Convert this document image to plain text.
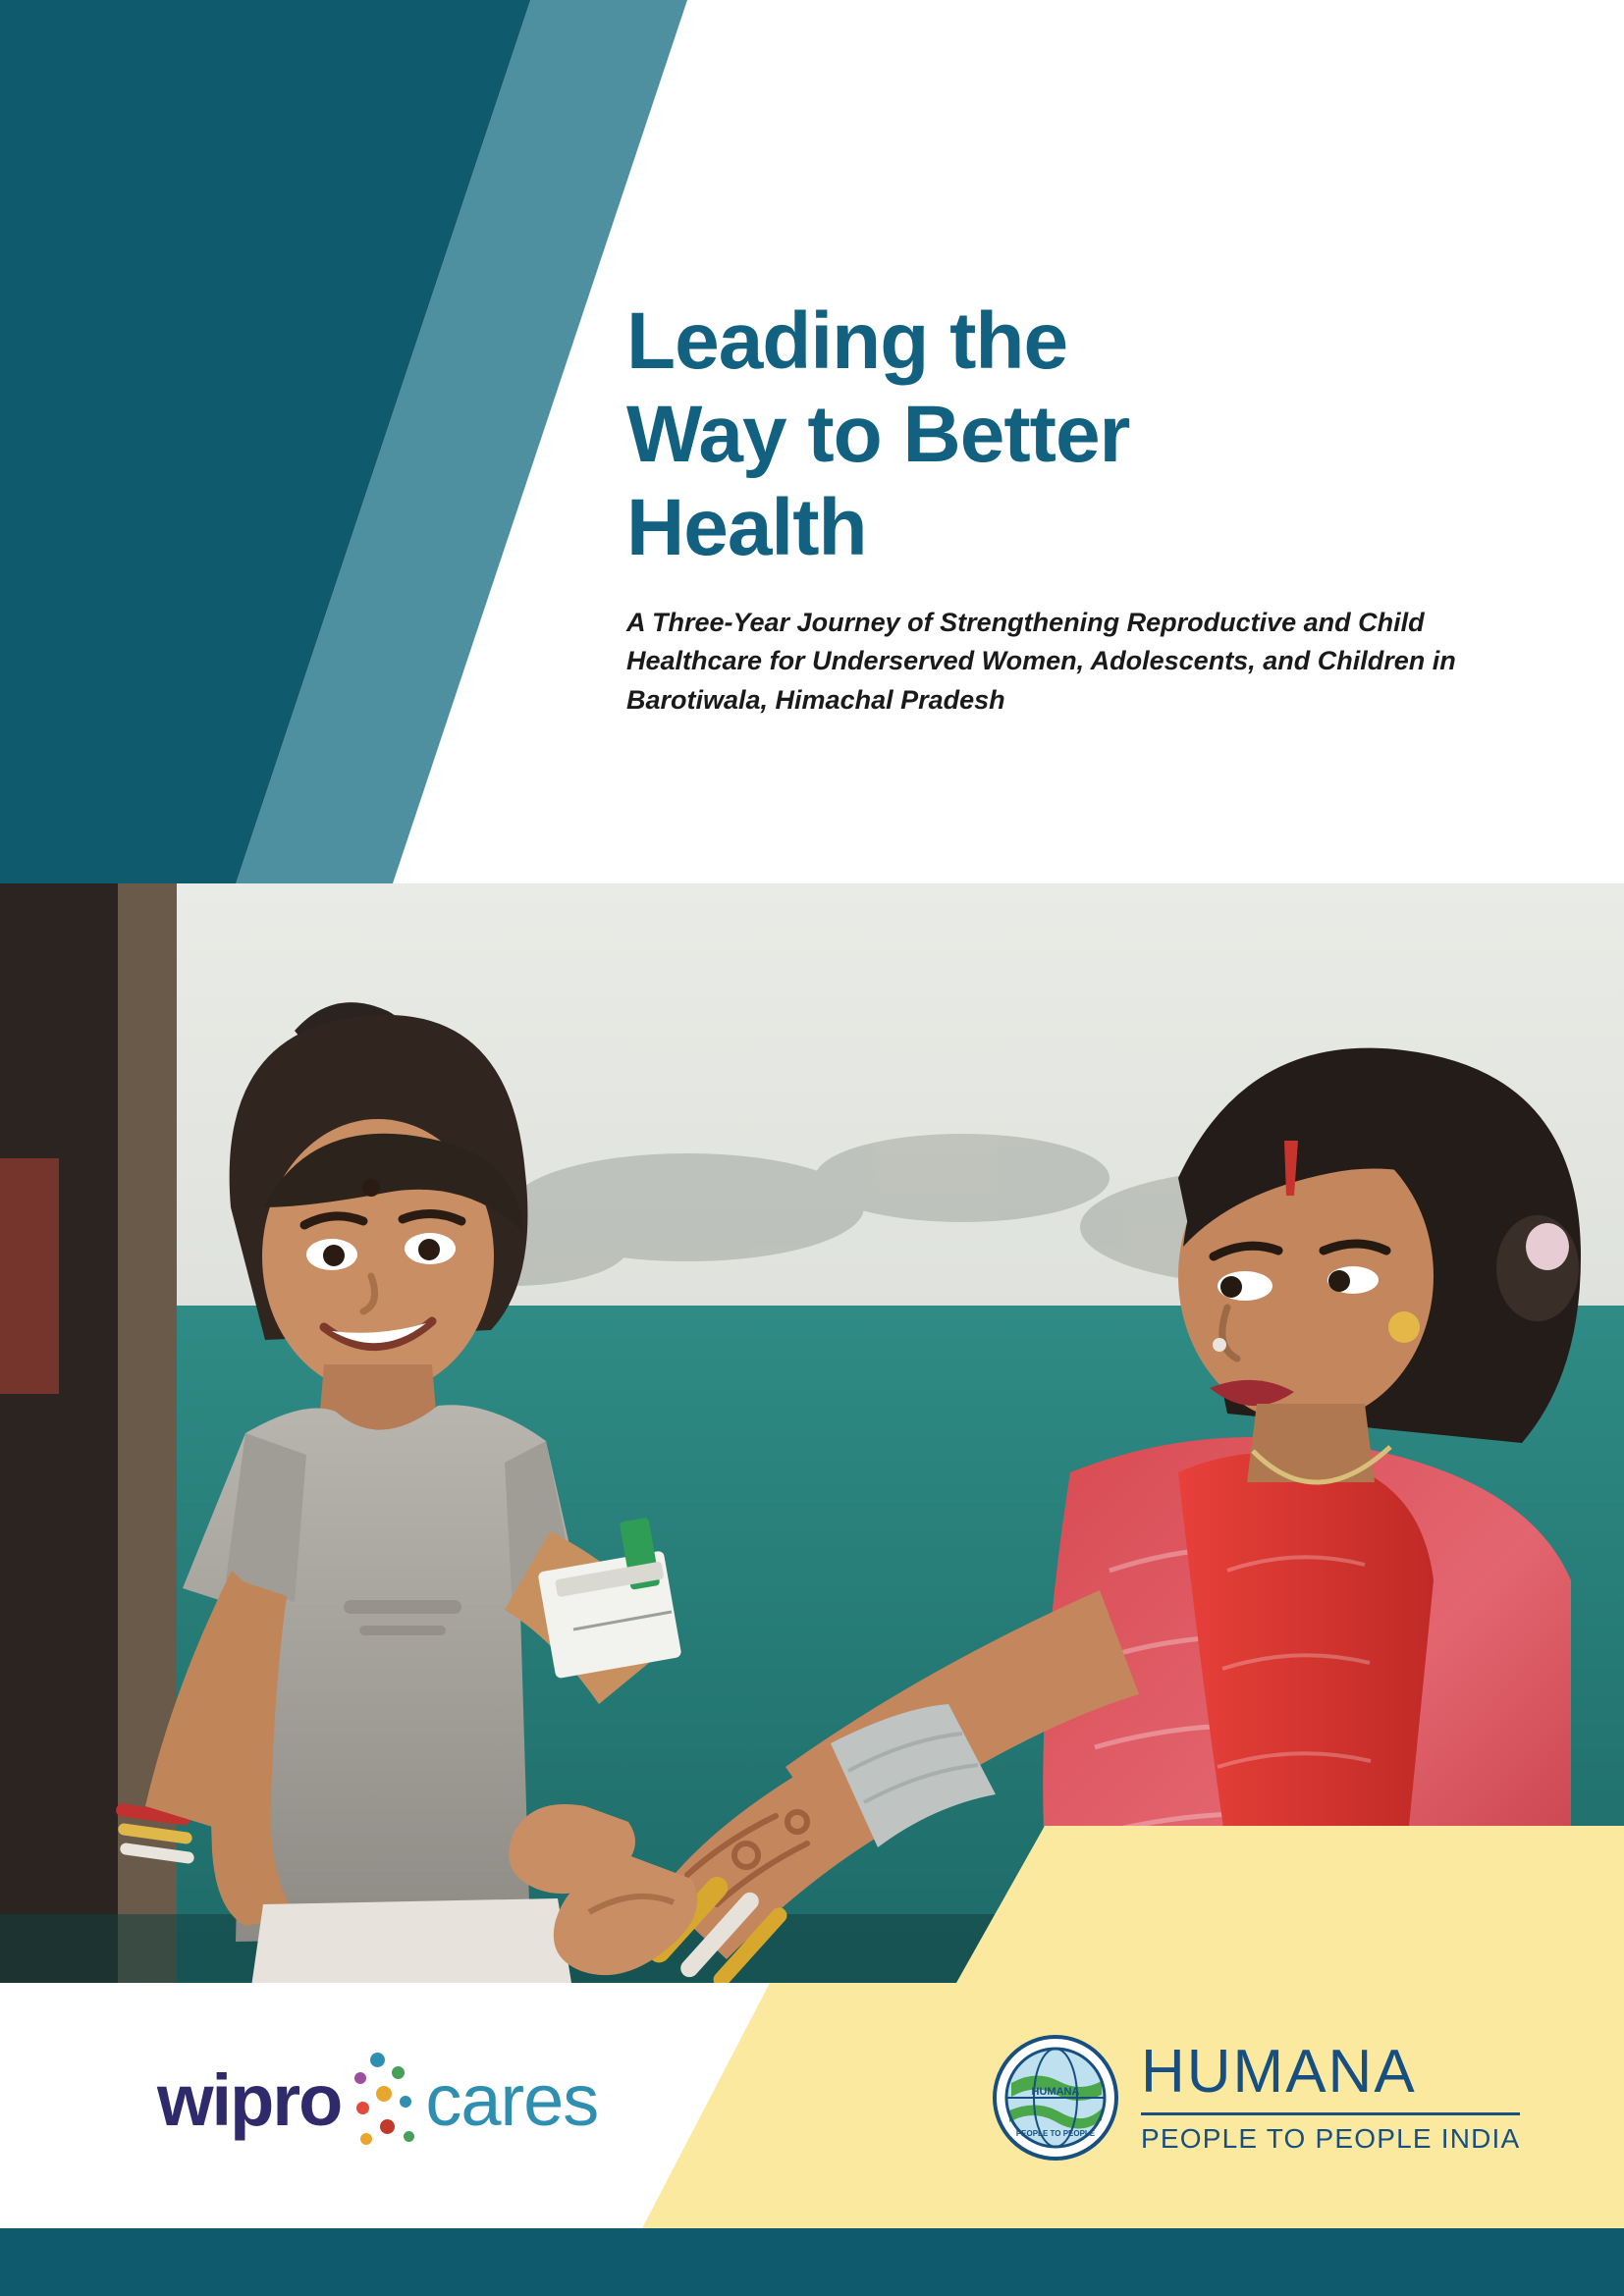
Leading the
Way to Better
Health
A Three-Year Journey of Strengthening Reproductive and Child Healthcare for Underserved Women, Adolescents, and Children in Barotiwala, Himachal Pradesh
wipro cares	HUMANA
PEOPLE TO PEOPLE
HUMANA
PEOPLE TO PEOPLE INDIA
